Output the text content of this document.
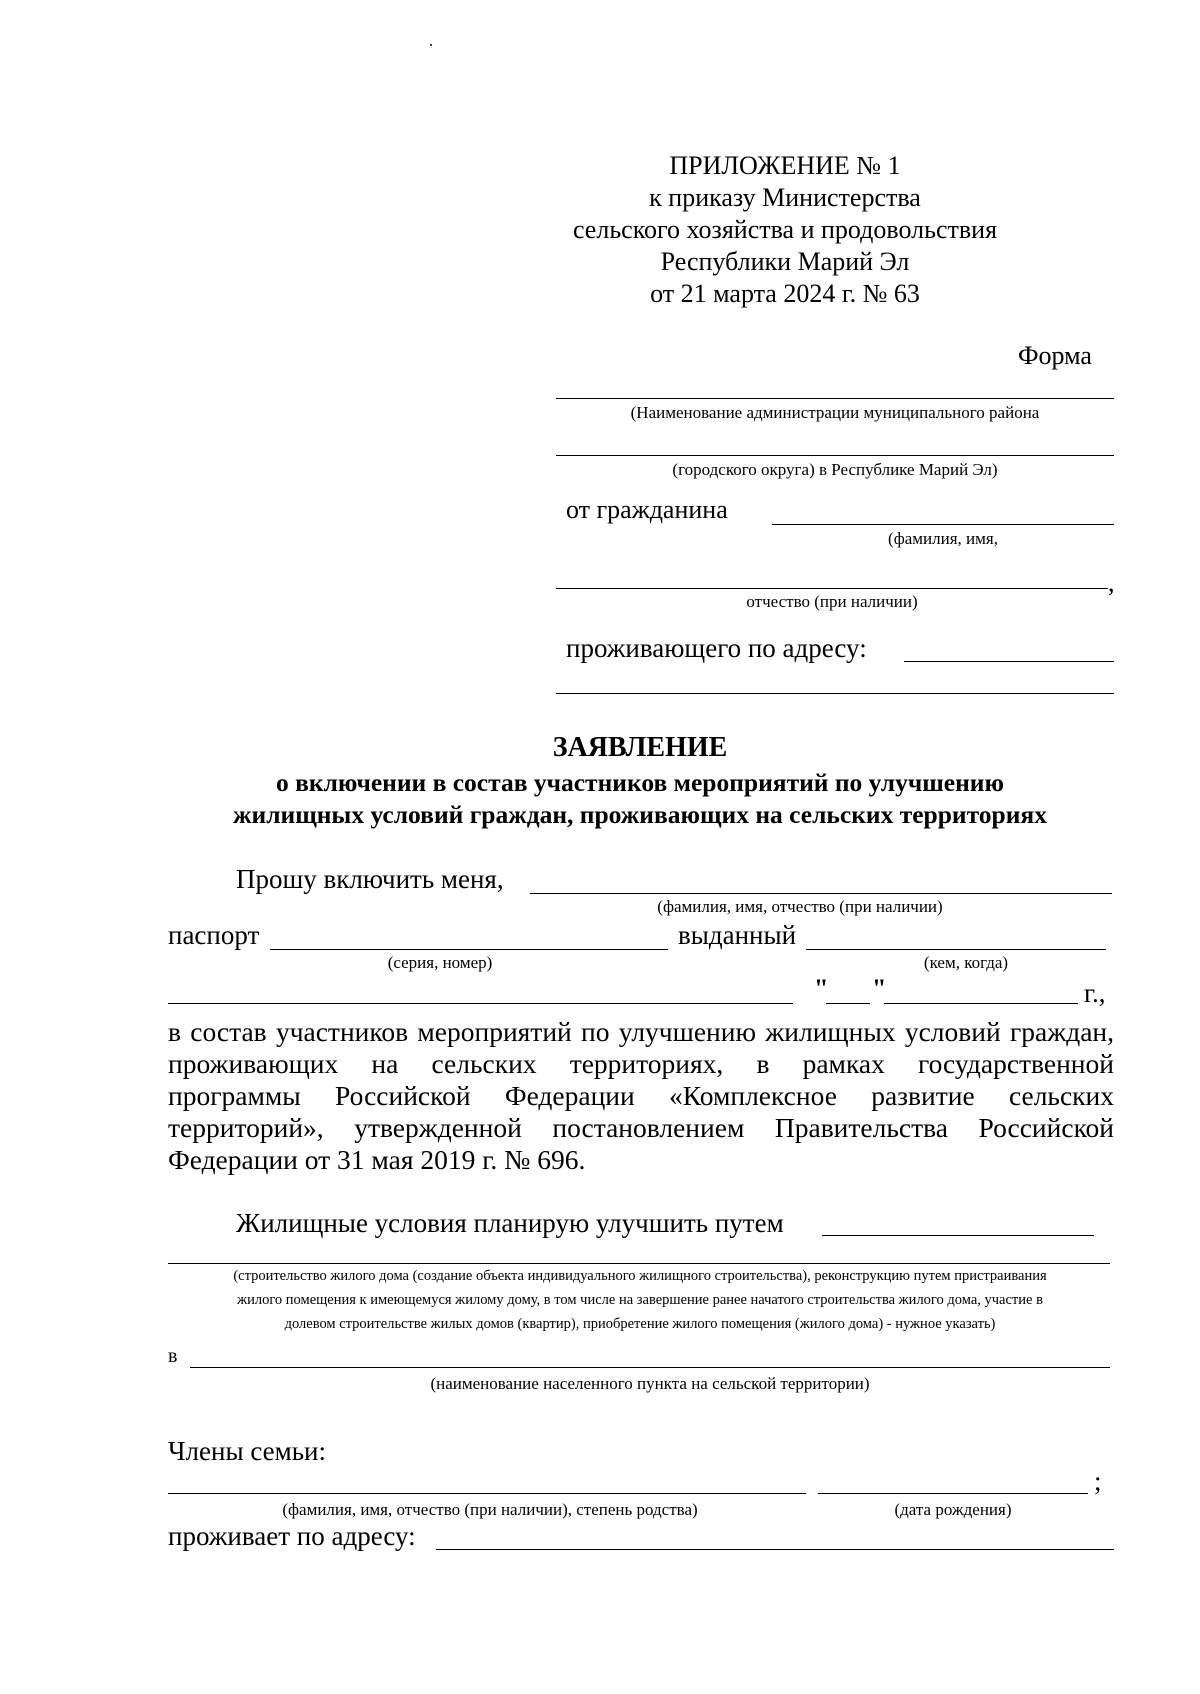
ПРИЛОЖЕНИЕ № 1
к приказу Министерства
сельского хозяйства и продовольствия
Республики Марий Эл
от 21 марта 2024 г. № 63
Форма
(Наименование администрации муниципального района
(городского округа) в Республике Марий Эл)
от гражданина
(фамилия, имя,
,
отчество (при наличии)
проживающего по адресу:
ЗАЯВЛЕНИЕ
о включении в состав участников мероприятий по улучшению
жилищных условий граждан, проживающих на сельских территориях
Прошу включить меня,
(фамилия, имя, отчество (при наличии)
паспорт	выданный
(серия, номер)	(кем, когда)
" "	г.,
в состав участников мероприятий по улучшению жилищных условий граждан,
проживающих на сельских территориях, в рамках государственной
программы Российской Федерации «Комплексное развитие сельских
территорий», утвержденной постановлением Правительства Российской
Федерации от 31 мая 2019 г. № 696.
Жилищные условия планирую улучшить путем
(строительство жилого дома (создание объекта индивидуального жилищного строительства), реконструкцию путем пристраивания
жилого помещения к имеющемуся жилому дому, в том числе на завершение ранее начатого строительства жилого дома, участие в
долевом строительстве жилых домов (квартир), приобретение жилого помещения (жилого дома) - нужное указать)
в
(наименование населенного пункта на сельской территории)
Члены семьи:
;
(фамилия, имя, отчество (при наличии), степень родства)	(дата рождения)
проживает по адресу:
